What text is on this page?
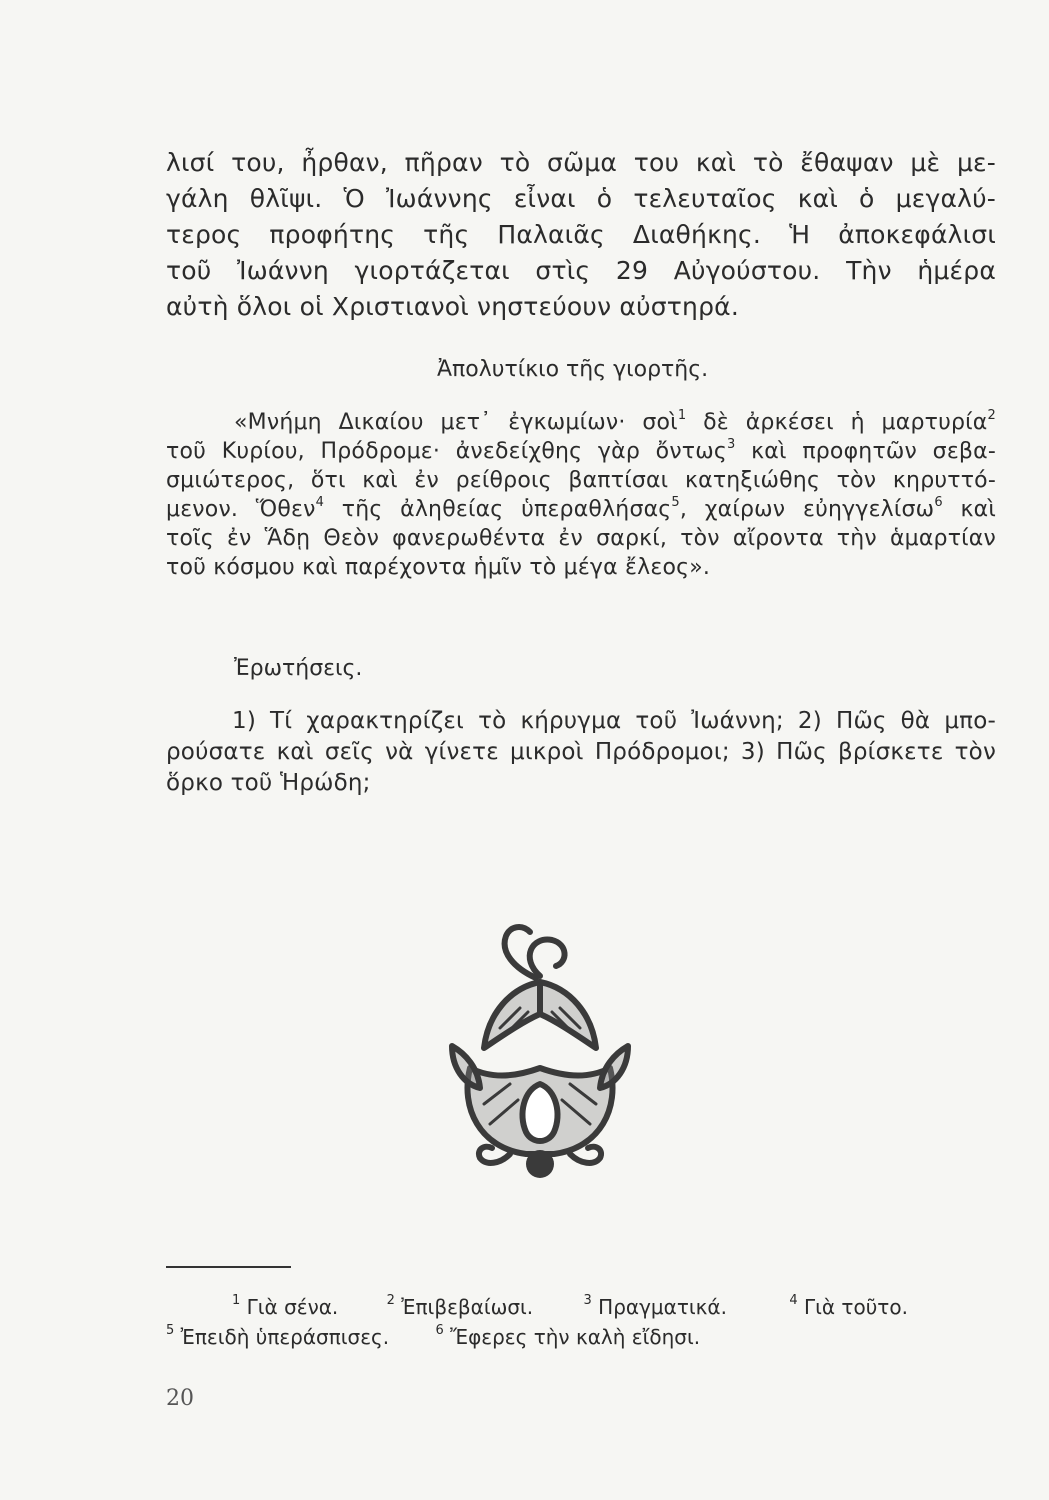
λισί του, ἦρθαν, πῆραν τὸ σῶμα του καὶ τὸ ἔθαψαν μὲ με-
γάλη θλῖψι. Ὁ Ἰωάννης εἶναι ὁ τελευταῖος καὶ ὁ μεγαλύ-
τερος προφήτης τῆς Παλαιᾶς Διαθήκης. Ἡ ἀποκεφάλισι
τοῦ Ἰωάννη γιορτάζεται στὶς 29 Αὐγούστου. Τὴν ἡμέρα
αὐτὴ ὅλοι οἱ Χριστιανοὶ νηστεύουν αὐστηρά.
Ἀπολυτίκιο τῆς γιορτῆς.
«Μνήμη Δικαίου μετ᾽ ἐγκωμίων· σοὶ$^1$ δὲ ἀρκέσει ἡ μαρτυρία$^2$
τοῦ Κυρίου, Πρόδρομε· ἀνεδείχθης γὰρ ὄντως$^3$ καὶ προφητῶν σεβα-
σμιώτερος, ὅτι καὶ ἐν ρείθροις βαπτίσαι κατηξιώθης τὸν κηρυττό-
μενον. Ὅθεν$^4$ τῆς ἀληθείας ὑπεραθλήσας$^5$, χαίρων εὐηγγελίσω$^6$ καὶ
τοῖς ἐν Ἅδῃ Θεὸν φανερωθέντα ἐν σαρκί, τὸν αἴροντα τὴν ἁμαρτίαν
τοῦ κόσμου καὶ παρέχοντα ἡμῖν τὸ μέγα ἔλεος».
Ἐρωτήσεις.
1) Τί χαρακτηρίζει τὸ κήρυγμα τοῦ Ἰωάννη; 2) Πῶς θὰ μπο-
ρούσατε καὶ σεῖς νὰ γίνετε μικροὶ Πρόδρομοι; 3) Πῶς βρίσκετε τὸν
ὅρκο τοῦ Ἡρώδη;
$^1$ Γιὰ σένα.	$^2$ Ἐπιβεβαίωσι.	$^3$ Πραγματικά.	$^4$ Γιὰ τοῦτο.
$^5$ Ἐπειδὴ ὑπεράσπισες.	$^6$ Ἔφερες τὴν καλὴ εἴδησι.
20
